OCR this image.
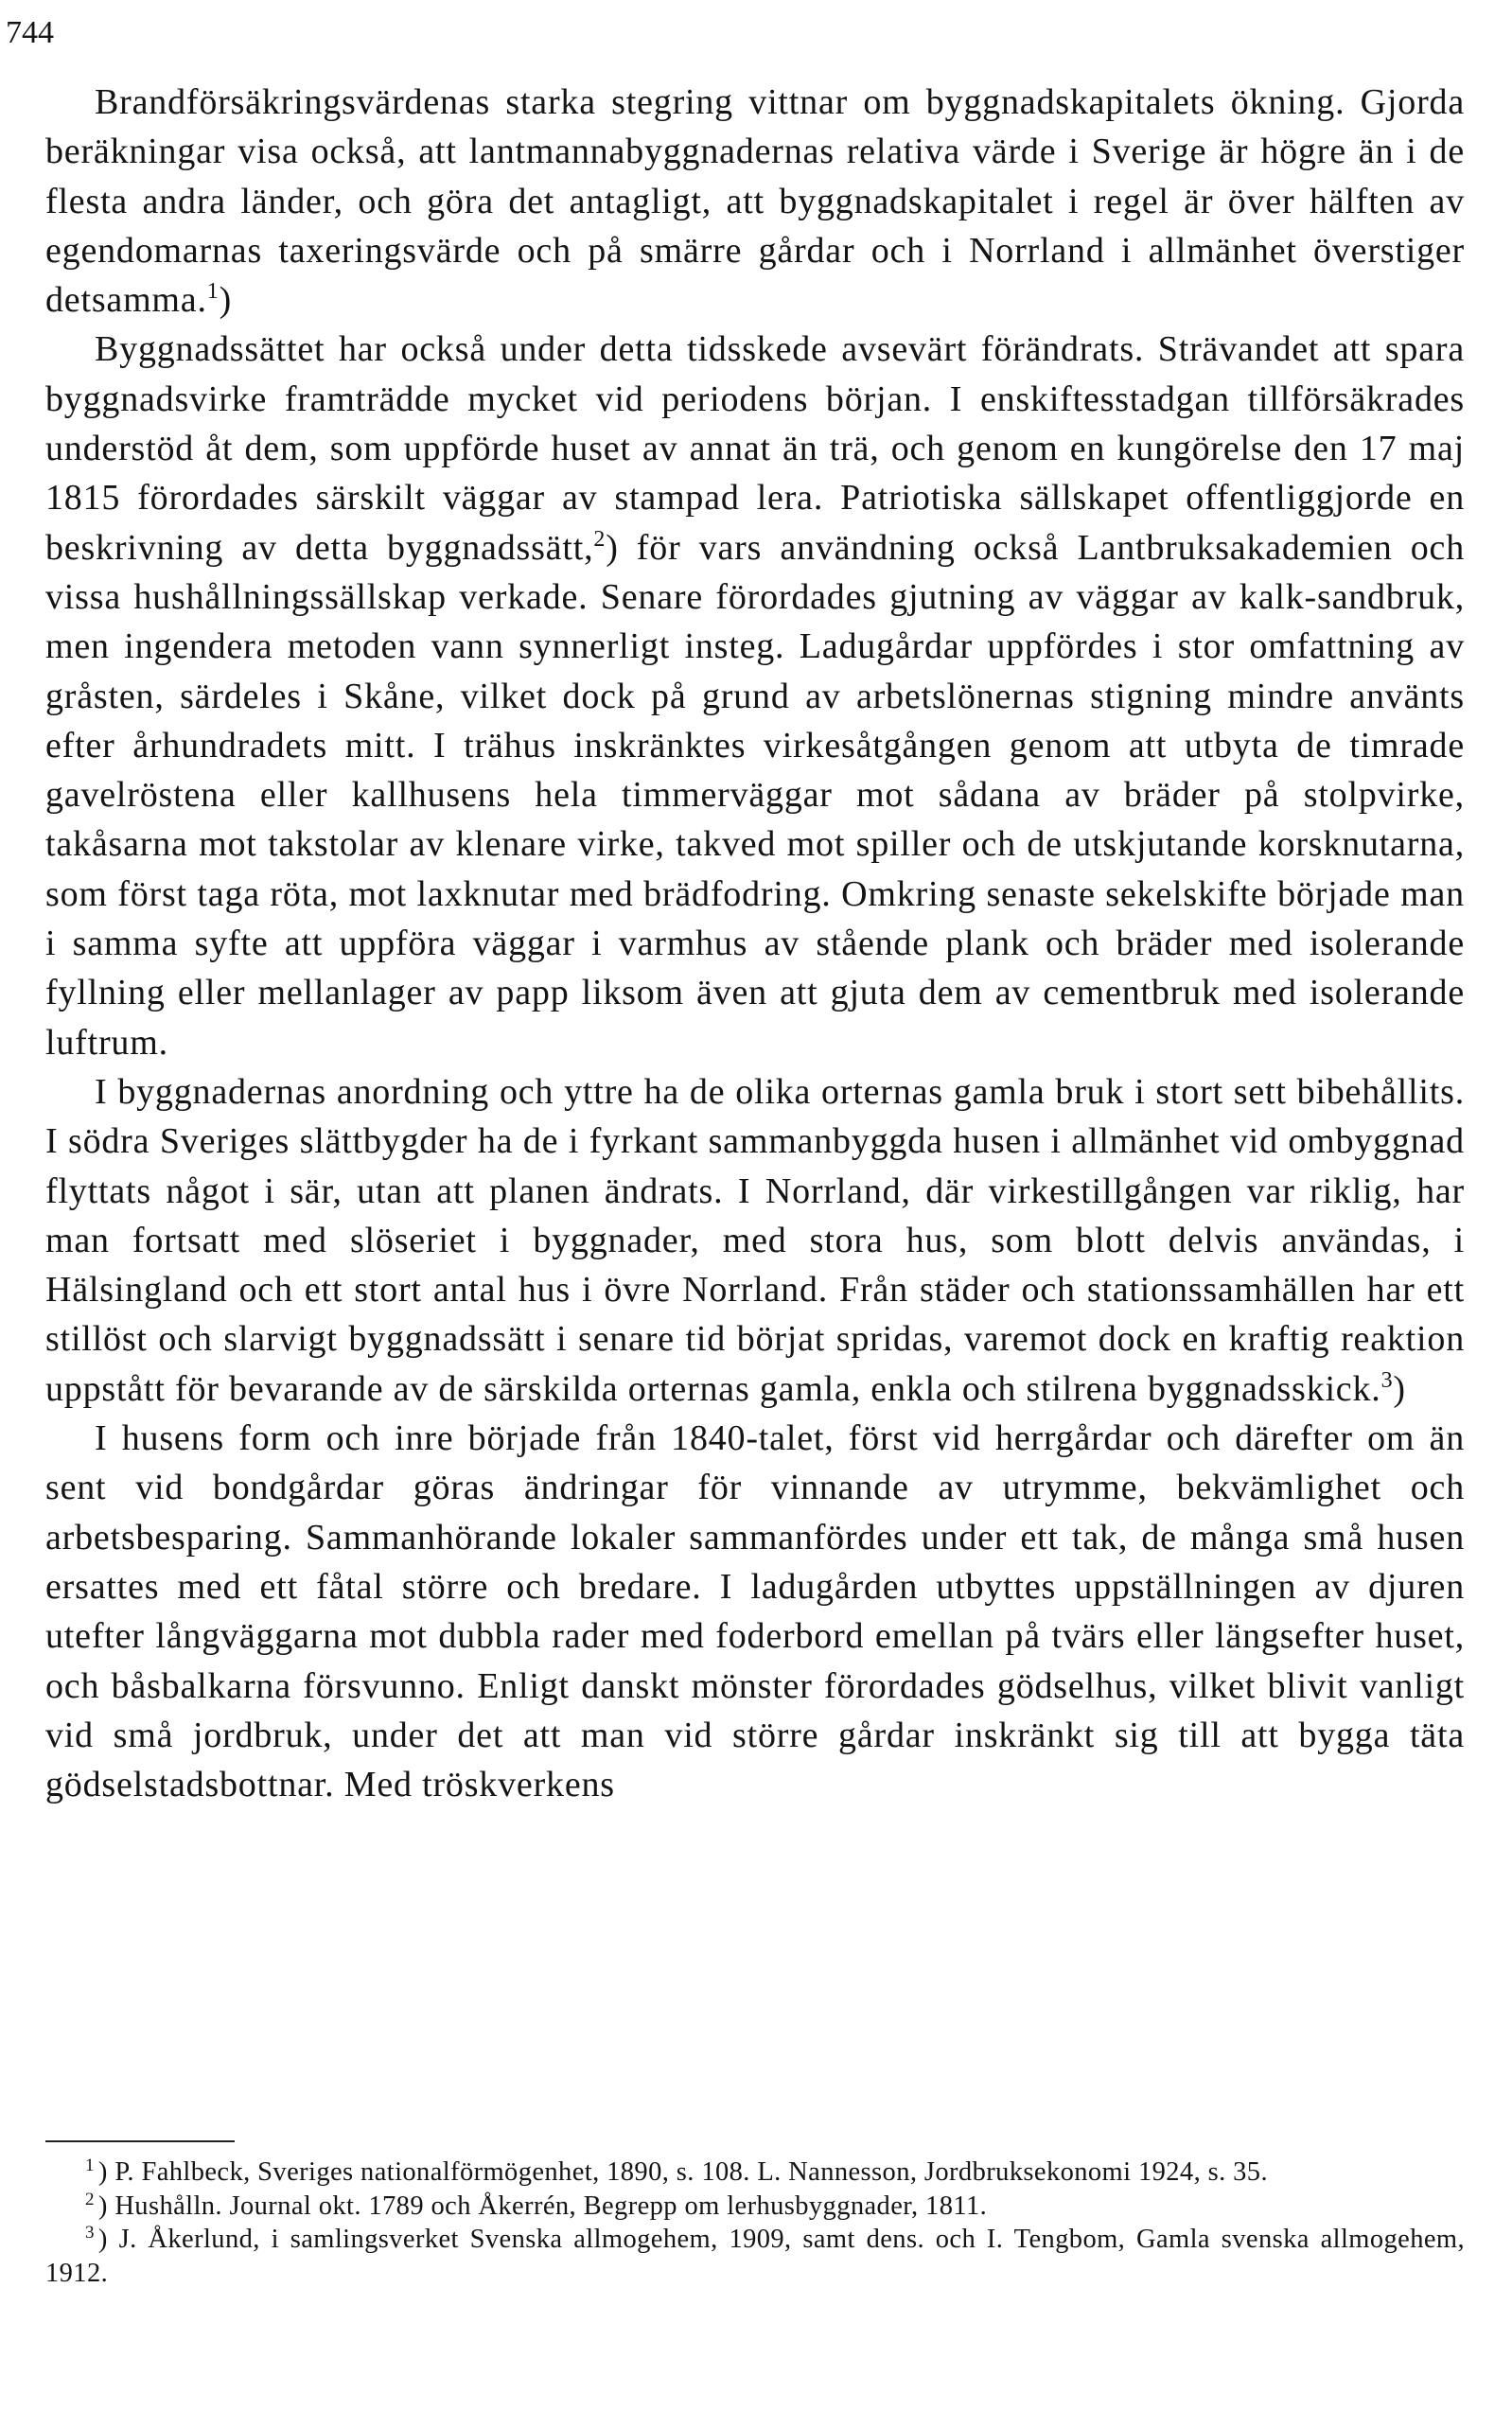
744

Brandförsäkringsvärdenas starka stegring vittnar om byggnadskapitalets ökning. Gjorda beräkningar visa också, att lantmannabyggnadernas relativa värde i Sverige är högre än i de flesta andra länder, och göra det antagligt, att byggnadskapitalet i regel är över hälften av egendomarnas taxeringsvärde och på smärre gårdar och i Norrland i allmänhet överstiger detsamma.$^1$)

Byggnadssättet har också under detta tidsskede avsevärt förändrats. Strävandet att spara byggnadsvirke framträdde mycket vid periodens början. I enskiftesstadgan tillförsäkrades understöd åt dem, som uppförde huset av annat än trä, och genom en kungörelse den 17 maj 1815 förordades särskilt väggar av stampad lera. Patriotiska sällskapet offentliggjorde en beskrivning av detta byggnadssätt,$^2$) för vars användning också Lantbruksakademien och vissa hushållningssällskap verkade. Senare förordades gjutning av väggar av kalk-sandbruk, men ingendera metoden vann synnerligt insteg. Ladugårdar uppfördes i stor omfattning av gråsten, särdeles i Skåne, vilket dock på grund av arbetslönernas stigning mindre använts efter århundradets mitt. I trähus inskränktes virkesåtgången genom att utbyta de timrade gavelröstena eller kallhusens hela timmerväggar mot sådana av bräder på stolpvirke, takåsarna mot takstolar av klenare virke, takved mot spiller och de utskjutande korsknutarna, som först taga röta, mot laxknutar med brädfodring. Omkring senaste sekelskifte började man i samma syfte att uppföra väggar i varmhus av stående plank och bräder med isolerande fyllning eller mellanlager av papp liksom även att gjuta dem av cementbruk med isolerande luftrum.

I byggnadernas anordning och yttre ha de olika orternas gamla bruk i stort sett bibehållits. I södra Sveriges slättbygder ha de i fyrkant sammanbyggda husen i allmänhet vid ombyggnad flyttats något i sär, utan att planen ändrats. I Norrland, där virkestillgången var riklig, har man fortsatt med slöseriet i byggnader, med stora hus, som blott delvis användas, i Hälsingland och ett stort antal hus i övre Norrland. Från städer och stationssamhällen har ett stillöst och slarvigt byggnadssätt i senare tid börjat spridas, varemot dock en kraftig reaktion uppstått för bevarande av de särskilda orternas gamla, enkla och stilrena byggnadsskick.$^3$)

I husens form och inre började från 1840-talet, först vid herrgårdar och därefter om än sent vid bondgårdar göras ändringar för vinnande av utrymme, bekvämlighet och arbetsbesparing. Sammanhörande lokaler sammanfördes under ett tak, de många små husen ersattes med ett fåtal större och bredare. I ladugården utbyttes uppställningen av djuren utefter långväggarna mot dubbla rader med foderbord emellan på tvärs eller längsefter huset, och båsbalkarna försvunno. Enligt danskt mönster förordades gödselhus, vilket blivit vanligt vid små jordbruk, under det att man vid större gårdar inskränkt sig till att bygga täta gödselstadsbottnar. Med tröskverkens

$^1$ ) P. Fahlbeck, Sveriges nationalförmögenhet, 1890, s. 108. L. Nannesson, Jordbruksekonomi 1924, s. 35.

$^2$ ) Hushålln. Journal okt. 1789 och Åkerrén, Begrepp om lerhusbyggnader, 1811.

$^3$ ) J. Åkerlund, i samlingsverket Svenska allmogehem, 1909, samt dens. och I. Tengbom, Gamla svenska allmogehem, 1912.
